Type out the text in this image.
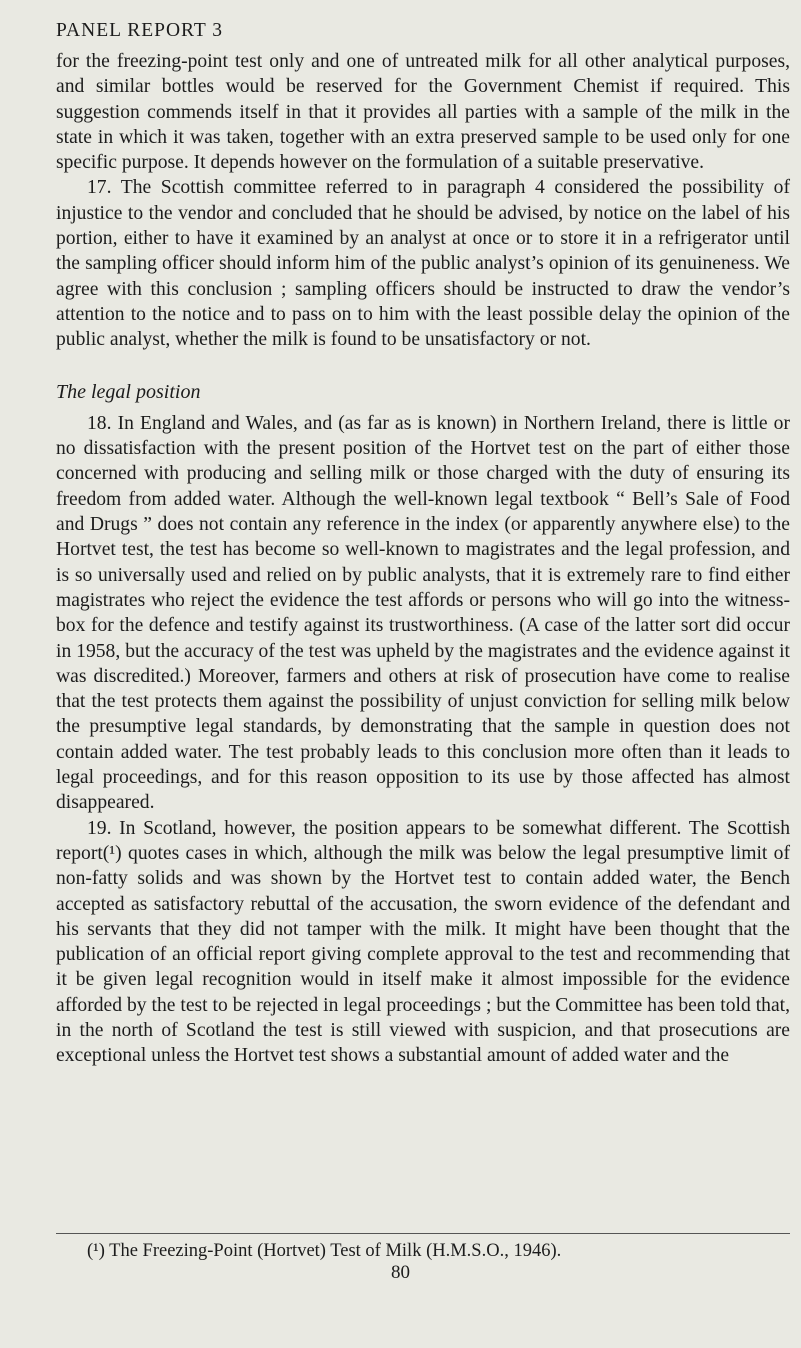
PANEL REPORT 3

for the freezing-point test only and one of untreated milk for all other analytical purposes, and similar bottles would be reserved for the Government Chemist if required. This suggestion commends itself in that it provides all parties with a sample of the milk in the state in which it was taken, together with an extra preserved sample to be used only for one specific purpose. It depends however on the formulation of a suitable preservative.

17. The Scottish committee referred to in paragraph 4 considered the possibility of injustice to the vendor and concluded that he should be advised, by notice on the label of his portion, either to have it examined by an analyst at once or to store it in a refrigerator until the sampling officer should inform him of the public analyst’s opinion of its genuineness. We agree with this conclusion ; sampling officers should be instructed to draw the vendor’s attention to the notice and to pass on to him with the least possible delay the opinion of the public analyst, whether the milk is found to be unsatisfactory or not.

The legal position

18. In England and Wales, and (as far as is known) in Northern Ireland, there is little or no dissatisfaction with the present position of the Hortvet test on the part of either those concerned with producing and selling milk or those charged with the duty of ensuring its freedom from added water. Although the well-known legal textbook “ Bell’s Sale of Food and Drugs ” does not contain any reference in the index (or apparently anywhere else) to the Hortvet test, the test has become so well-known to magistrates and the legal profession, and is so universally used and relied on by public analysts, that it is extremely rare to find either magistrates who reject the evidence the test affords or persons who will go into the witness-box for the defence and testify against its trustworthiness. (A case of the latter sort did occur in 1958, but the accuracy of the test was upheld by the magistrates and the evidence against it was discredited.) Moreover, farmers and others at risk of prosecution have come to realise that the test protects them against the possibility of unjust conviction for selling milk below the presumptive legal standards, by demonstrating that the sample in question does not contain added water. The test probably leads to this conclusion more often than it leads to legal proceedings, and for this reason opposition to its use by those affected has almost disappeared.

19. In Scotland, however, the position appears to be somewhat different. The Scottish report(¹) quotes cases in which, although the milk was below the legal presumptive limit of non-fatty solids and was shown by the Hortvet test to contain added water, the Bench accepted as satisfactory rebuttal of the accusation, the sworn evidence of the defendant and his servants that they did not tamper with the milk. It might have been thought that the publication of an official report giving complete approval to the test and recommending that it be given legal recognition would in itself make it almost impossible for the evidence afforded by the test to be rejected in legal proceedings ; but the Committee has been told that, in the north of Scotland the test is still viewed with suspicion, and that prosecutions are exceptional unless the Hortvet test shows a substantial amount of added water and the

(¹) The Freezing-Point (Hortvet) Test of Milk (H.M.S.O., 1946).
80
